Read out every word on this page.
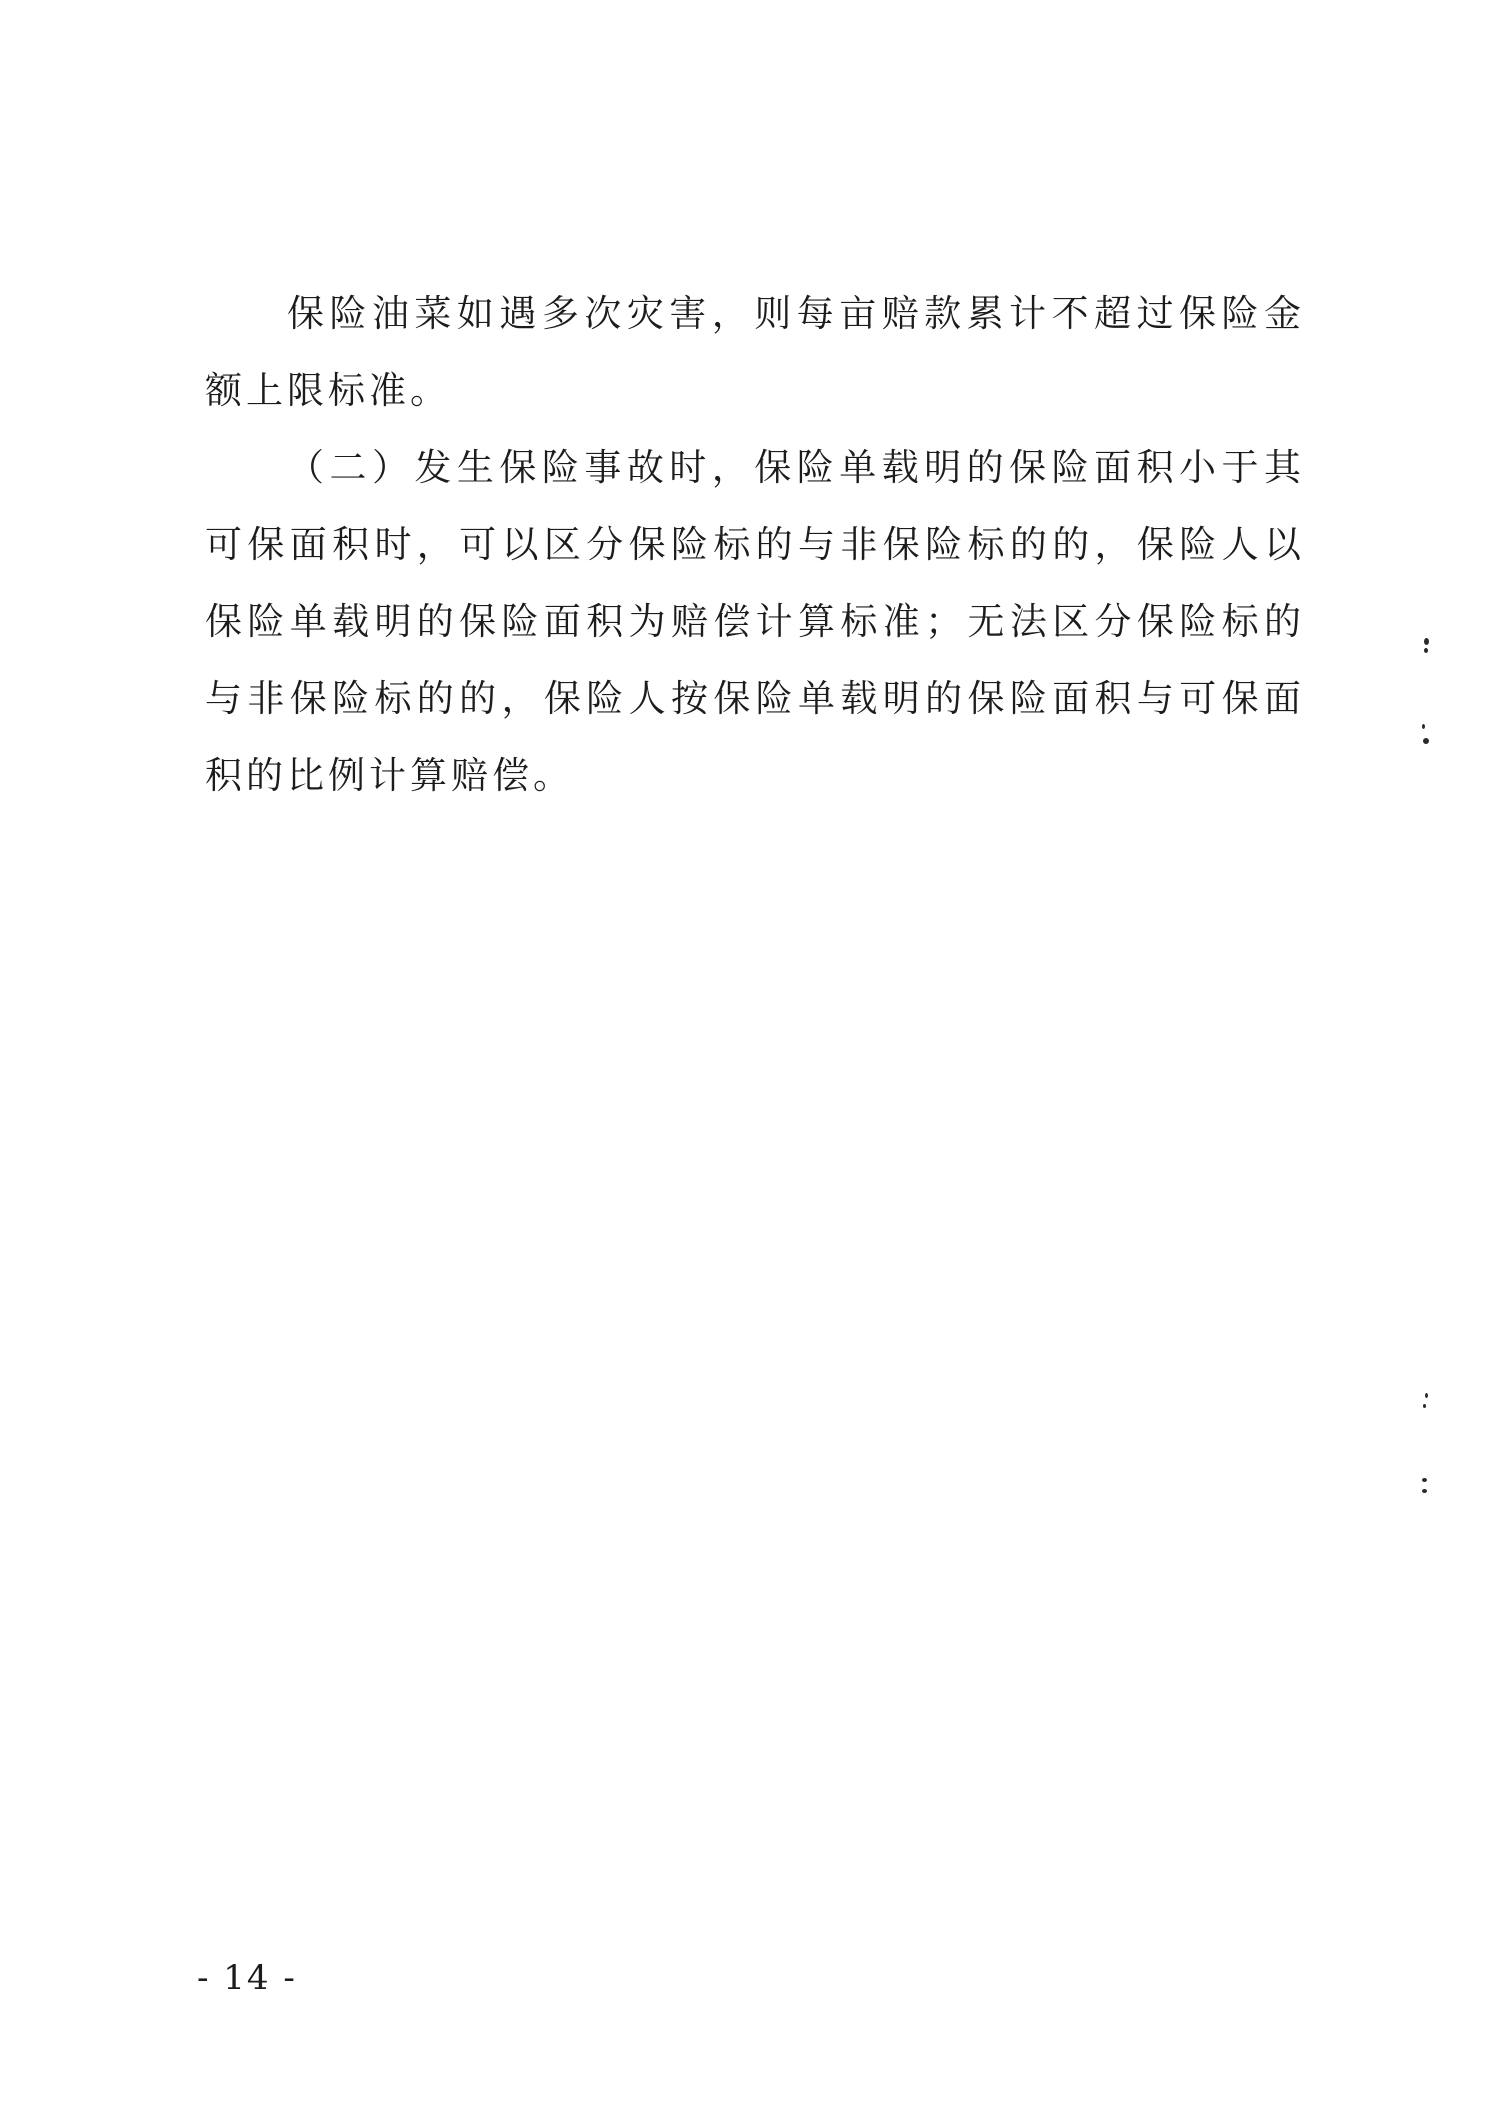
保险油菜如遇多次灾害，则每亩赔款累计不超过保险金额上限标准。

（二）发生保险事故时，保险单载明的保险面积小于其可保面积时，可以区分保险标的与非保险标的的，保险人以保险单载明的保险面积为赔偿计算标准；无法区分保险标的与非保险标的的，保险人按保险单载明的保险面积与可保面积的比例计算赔偿。

- 14 -
